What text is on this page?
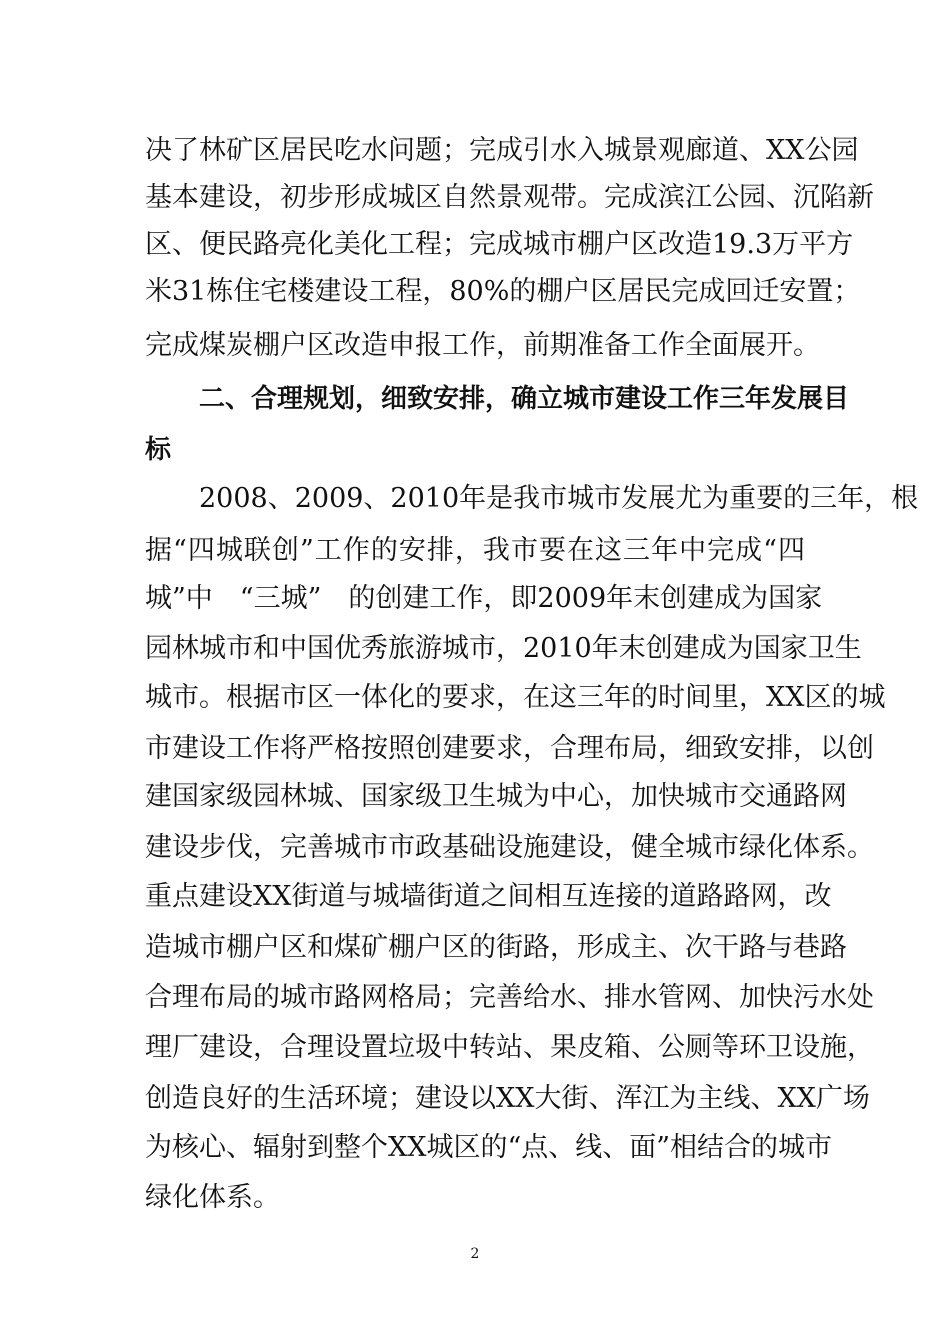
决了林矿区居民吃水问题；完成引水入城景观廊道、XX公园
基本建设，初步形成城区自然景观带。完成滨江公园、沉陷新
区、便民路亮化美化工程；完成城市棚户区改造19.3万平方
米31栋住宅楼建设工程，80%的棚户区居民完成回迁安置；
完成煤炭棚户区改造申报工作，前期准备工作全面展开。
二、合理规划，细致安排，确立城市建设工作三年发展目
标
2008、2009、2010年是我市城市发展尤为重要的三年，根
据“四城联创”工作的安排，我市要在这三年中完成“四
城”中　“三城”　的创建工作，即2009年末创建成为国家
园林城市和中国优秀旅游城市，2010年末创建成为国家卫生
城市。根据市区一体化的要求，在这三年的时间里，XX区的城
市建设工作将严格按照创建要求，合理布局，细致安排，以创
建国家级园林城、国家级卫生城为中心，加快城市交通路网
建设步伐，完善城市市政基础设施建设，健全城市绿化体系。
重点建设XX街道与城墙街道之间相互连接的道路路网，改
造城市棚户区和煤矿棚户区的街路，形成主、次干路与巷路
合理布局的城市路网格局；完善给水、排水管网、加快污水处
理厂建设，合理设置垃圾中转站、果皮箱、公厕等环卫设施，
创造良好的生活环境；建设以XX大街、浑江为主线、XX广场
为核心、辐射到整个XX城区的“点、线、面”相结合的城市
绿化体系。
2
